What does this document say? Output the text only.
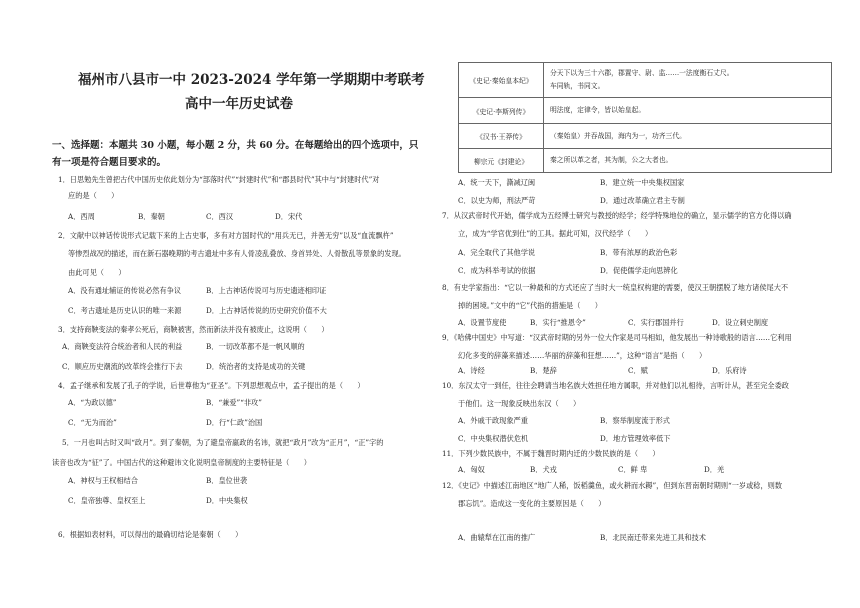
福州市八县市一中 2023-2024 学年第一学期期中考联考
高中一年历史试卷
一、选择题：本题共 30 小题，每小题 2 分，共 60 分。在每题给出的四个选项中，只有一项是符合题目要求的。
1．日思勉先生曾把古代中国历史依此划分为“部落时代”“封建时代”和“郡县时代”其中与“封建时代”对
应的是（　　）
A．西周	B．秦朝	C．西汉	D．宋代
2．文献中以神话传说形式记载下来的上古史事，多有对方国时代的“用兵无已，并善无穷”以及“血流飘杵”
等惨烈战况的描述，而在新石器晚期的考古遗址中多有人骨凌乱叠放、身首异处、人骨散乱等景象的发现。
由此可见（　　）
A．没有通址辅证的传说必然有争议	B．上古神话传说可与历史遗迹相印证
C．考古遗址是历史认识的唯一来源	D．上古神话传说的历史研究价值不大
3．支持商鞅变法的秦孝公死后，商鞅被害，然而新法并没有被废止，这说明（　　）
A．商鞅变法符合统治者和人民的利益	B．一切改革都不是一帆风顺的
C．顺应历史潮流的改革终会推行下去	D．统治者的支持是成功的关键
4．孟子继承和发展了孔子的学说，后世尊他为“亚圣”。下列思想观点中，孟子提出的是（　　）
A．“为政以德”	B．“兼爱”“非攻”
C．“无为而治”	D．行“仁政”治国
5．一月也叫古时又叫“政月”。到了秦朝，为了避皇帝嬴政的名讳，就把“政月”改为“正月”，“正”字的
读音也改为“征”了。中国古代的这种避讳文化说明皇帝制度的主要特征是（　　）
A．神权与王权相结合	B．皇位世袭
C．皇帝独尊、皇权至上	D．中央集权
6．根据如表材料，可以得出的最确切结论是秦朝（　　）
《史记·秦始皇本纪》	分天下以为三十六郡，郡置守、尉、监……一法度衡石丈尺。
车同轨，书同文。

《史记·李斯列传》	明法度，定律令，皆以始皇起。
《汉书·王莽传》	（秦始皇）并吞战国，海内为一，功齐三代。
柳宗元《封建论》	秦之所以革之者，其为制，公之大者也。
A．统一天下，澌减辽闽	B．建立统一中央集权国家
C．以史为师，刑法严苛	D．通过改革确立君主专制
7．从汉武帝时代开始，儒学成为五经博士研究与教授的经学；经学特殊地位的确立，显示儒学的官方化得以确
立，成为“学官优到仕”的工具。据此可知，汉代经学（　　）
A．完全取代了其他学说	B．带有浓厚的政治色彩
C．成为科举考试的依据	D．促使儒学走向思辨化
8．有史学家指出：“它以一种最和的方式还应了当时大一统皇权构建的需要，使汉王朝摆脱了地方诸侯尾大不
掉的困境。”文中的“它”代指的措施是（　　）
A．设置节度使	B．实行“推恩令”	C．实行郡国并行	D．设立刺史制度
9．《哈佛中国史》中写道：“汉武帝时期的另外一位大作家是司马相如，他发展出一种诗歌般的语言……它利用
幻化多变的辞藻来描述……华丽的辞藻和狂想……”，这种“语言”是指（　　）
A．诗经	B．楚辞	C．赋	D．乐府诗
10．东汉太守一到任，往往会聘请当地名族大姓担任地方属职，并对他们以礼相待，言听计从，甚至完全委政
于他们。这一现象反映出东汉（　　）
A．外戚干政现象严重	B．察举制度流于形式
C．中央集权潜伏危机	D．地方管理效率低下
11．下列少数民族中，不属于魏晋时期内迁的少数民族的是（　　）
A．匈奴	B．犬戎	C．鲜 卑	D．羌
12．《史记》中描述江南地区“地广人稀，饭稻羹鱼，或火耕而水耨”，但到东晋南朝时期则“一岁或稔，则数
郡忘饥”。造成这一变化的主要原因是（　　）
A．曲辕犁在江南的推广	B．北民南迁带来先进工具和技术
